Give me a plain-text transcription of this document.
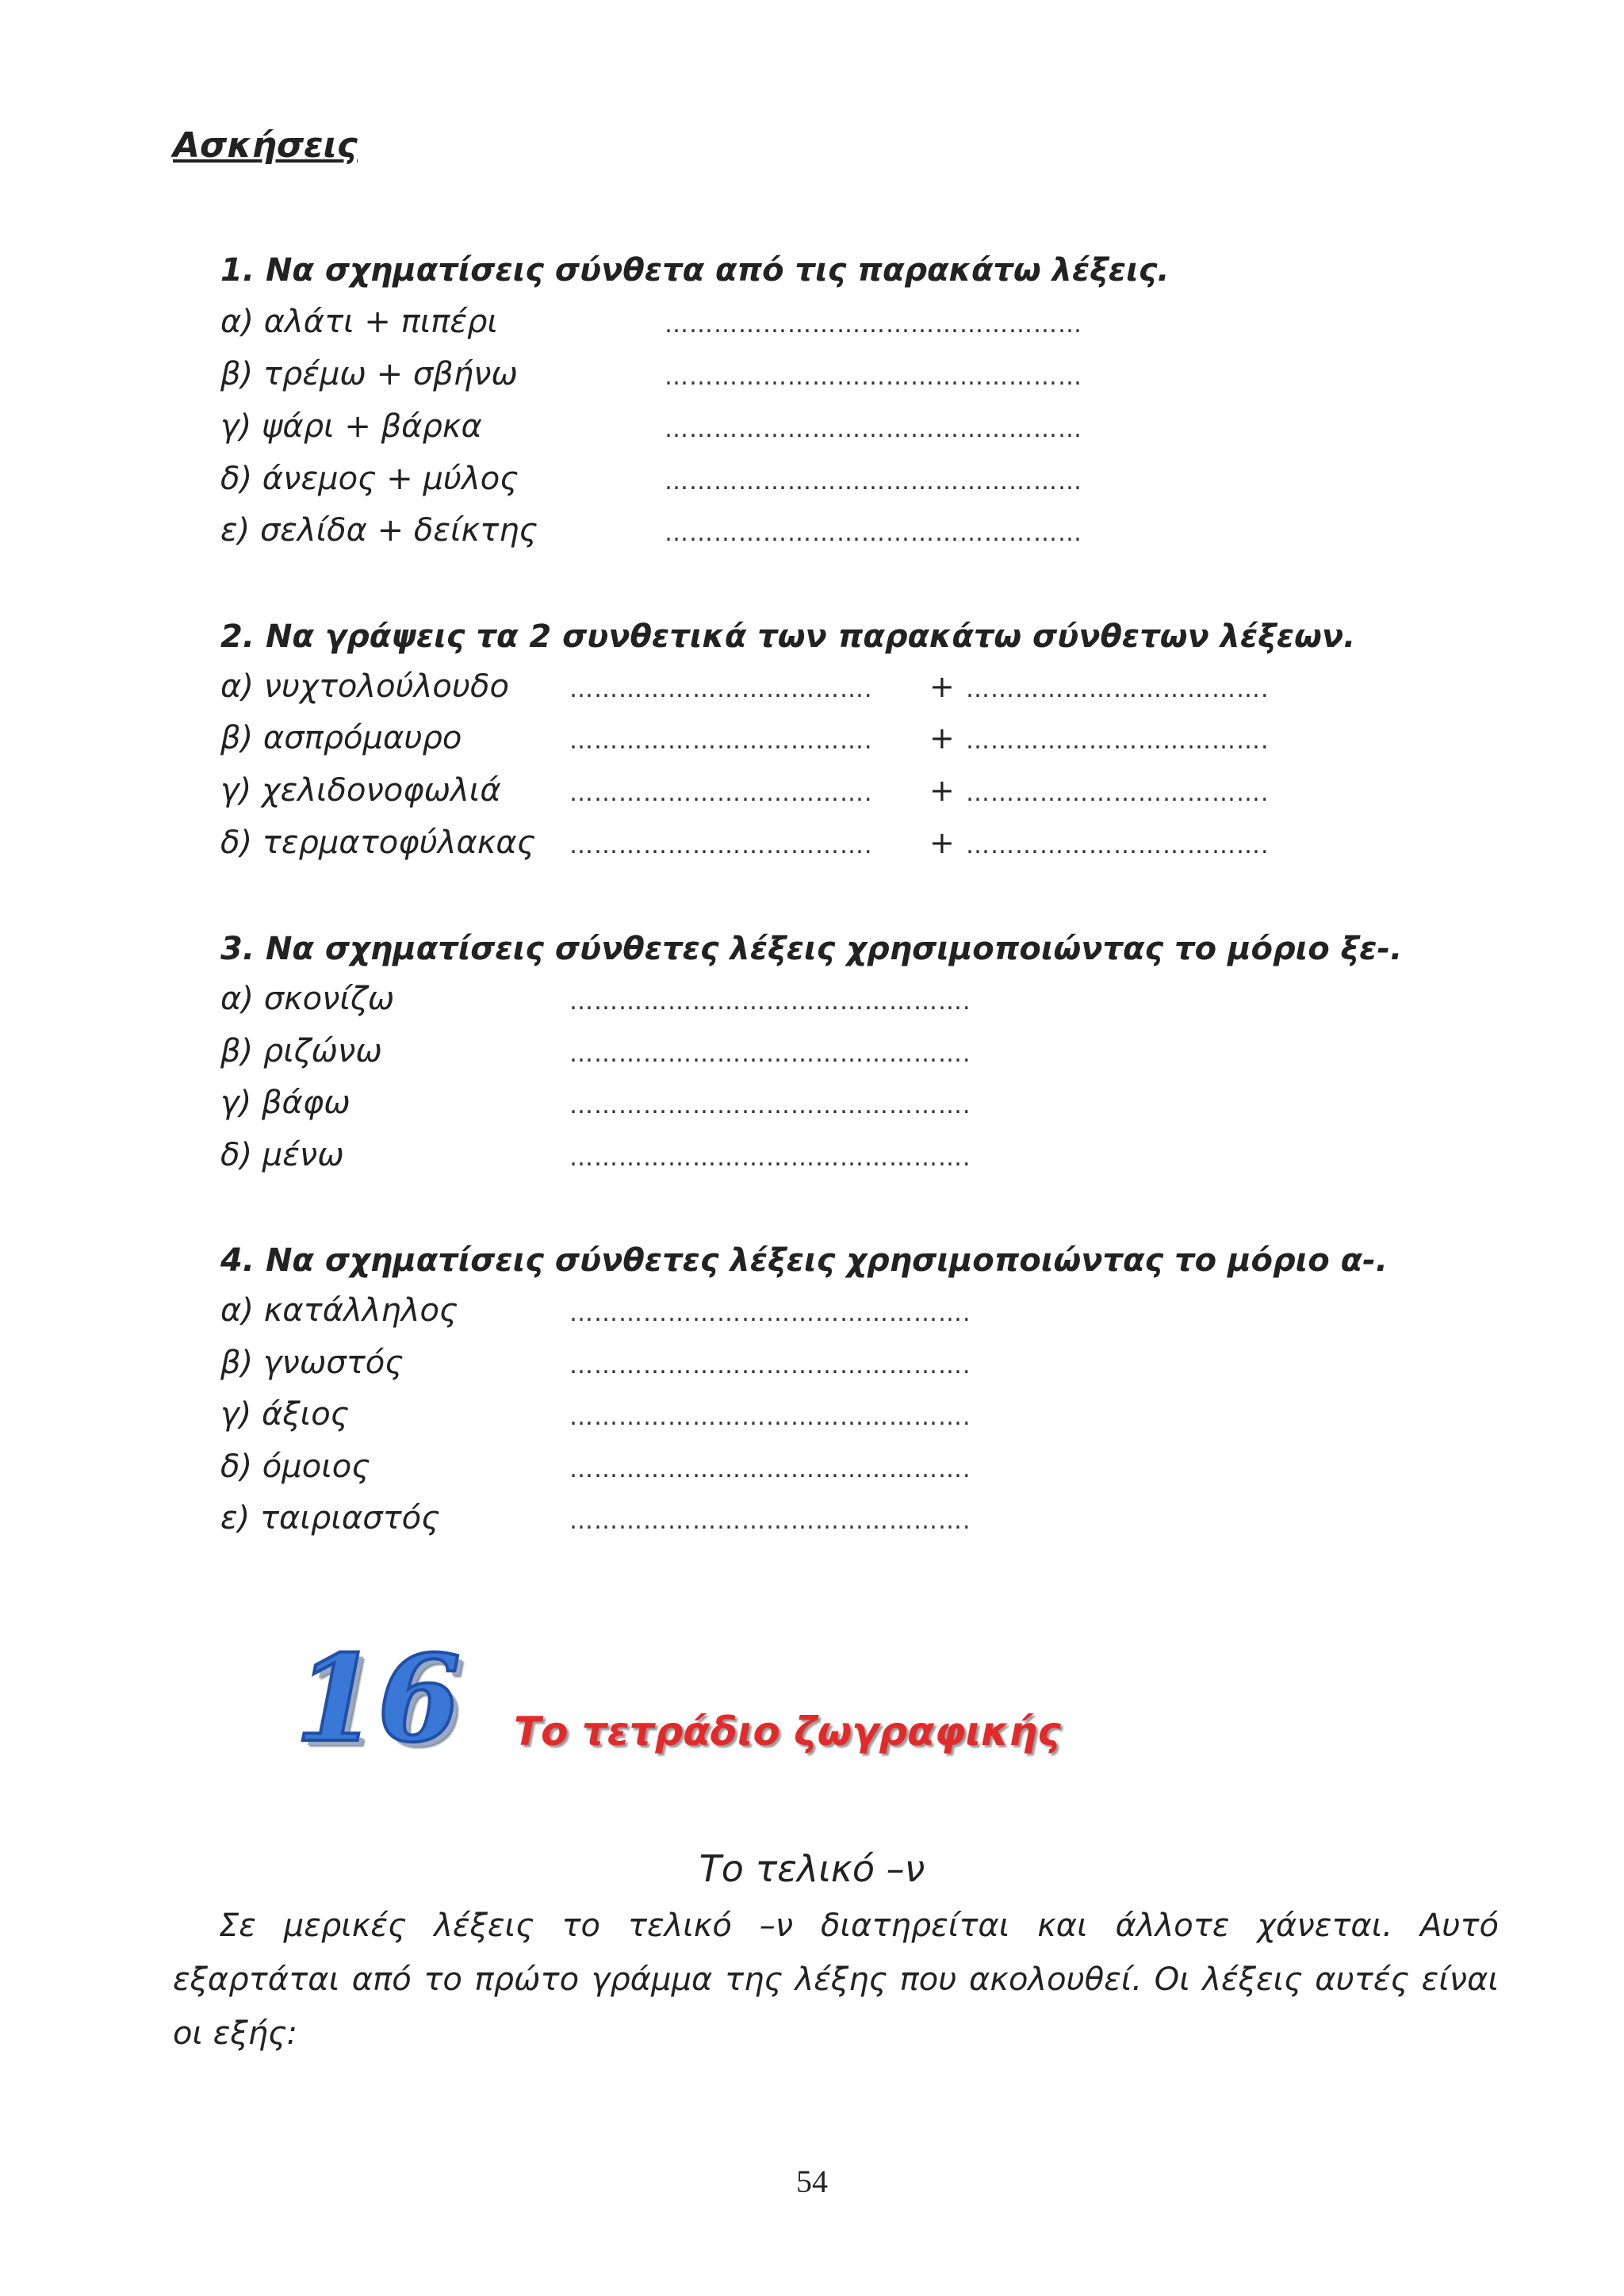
Ασκήσεις
1. Να σχηματίσεις σύνθετα από τις παρακάτω λέξεις.
α) αλάτι + πιπέρι	……………………………………………
β) τρέμω + σβήνω	……………………………………………
γ) ψάρι + βάρκα	……………………………………………
δ) άνεμος + μύλος	……………………………………………
ε) σελίδα + δείκτης	……………………………………………
2. Να γράψεις τα 2 συνθετικά των παρακάτω σύνθετων λέξεων.
α) νυχτολούλουδο	………………………………. + ……………………………….
β) ασπρόμαυρο	………………………………. + ……………………………….
γ) χελιδονοφωλιά	………………………………. + ……………………………….
δ) τερματοφύλακας ………………………………. + ……………………………….
3. Να σχηματίσεις σύνθετες λέξεις χρησιμοποιώντας το μόριο ξε-.
α) σκονίζω	………………………………………….
β) ριζώνω	………………………………………….
γ) βάφω	………………………………………….
δ) μένω	………………………………………….
4. Να σχηματίσεις σύνθετες λέξεις χρησιμοποιώντας το μόριο α-.
α) κατάλληλος	………………………………………….
β) γνωστός	………………………………………….
γ) άξιος	………………………………………….
δ) όμοιος	………………………………………….
ε) ταιριαστός	………………………………………….
16 Το τετράδιο ζωγραφικής
Το τελικό –ν

Σε μερικές λέξεις το τελικό –ν διατηρείται και άλλοτε χάνεται. Αυτό εξαρτάται από το πρώτο γράμμα της λέξης που ακολουθεί. Οι λέξεις αυτές είναι οι εξής:

54
